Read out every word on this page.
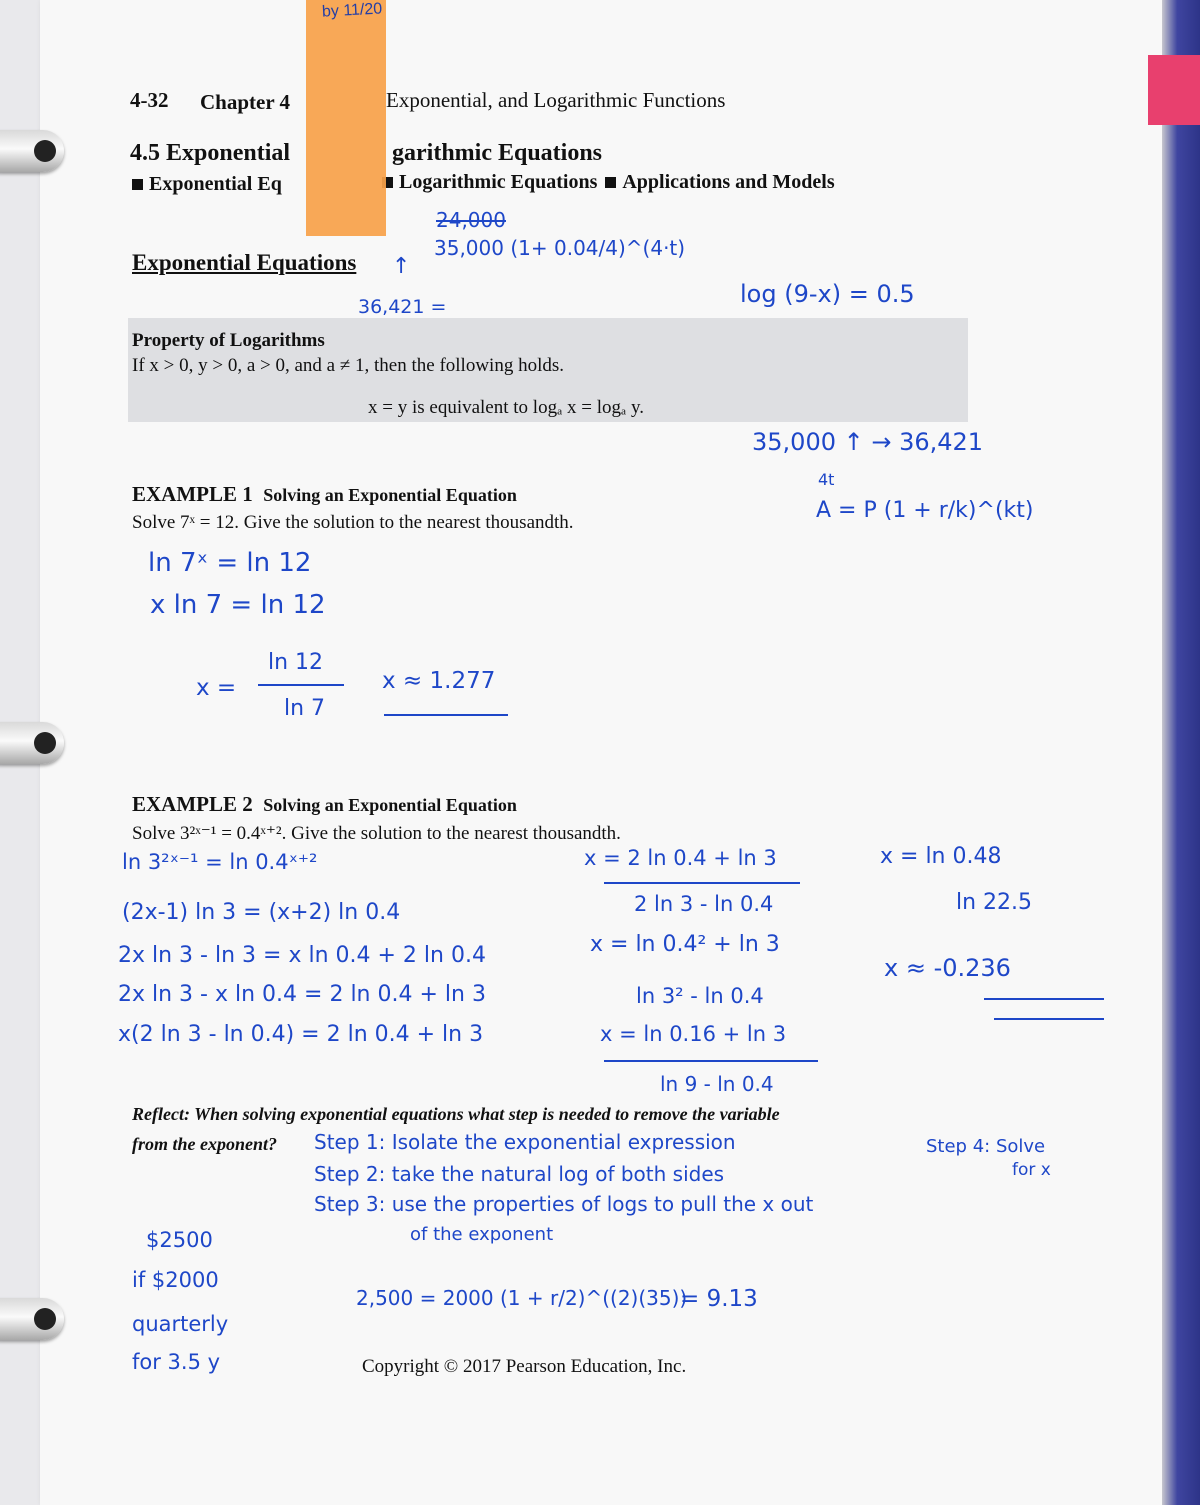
4-32 Chapter 4	Exponential, and Logarithmic Functions
4.5 Exponential	garithmic Equations
Exponential Eq	Logarithmic Equations Applications and Models
by 11/20
Exponential Equations ↑
24,000
35,000 (1+ 0.04/4)^(4·t)
36,421 =	log (9-x) = 0.5
Property of Logarithms
If x > 0, y > 0, a > 0, and a ≠ 1, then the following holds.
x = y is equivalent to logₐ x = logₐ y.
35,000 ↑ → 36,421
4t
A = P (1 + r/k)^(kt)
EXAMPLE 1 Solving an Exponential Equation
Solve 7ˣ = 12. Give the solution to the nearest thousandth.
ln 7ˣ = ln 12
x ln 7 = ln 12
x =
ln 12
ln 7
x ≈ 1.277
EXAMPLE 2 Solving an Exponential Equation
Solve 3²ˣ⁻¹ = 0.4ˣ⁺². Give the solution to the nearest thousandth.
ln 3²ˣ⁻¹ = ln 0.4ˣ⁺²
(2x-1) ln 3 = (x+2) ln 0.4
2x ln 3 - ln 3 = x ln 0.4 + 2 ln 0.4
2x ln 3 - x ln 0.4 = 2 ln 0.4 + ln 3
x(2 ln 3 - ln 0.4) = 2 ln 0.4 + ln 3
x = 2 ln 0.4 + ln 3
2 ln 3 - ln 0.4
x = ln 0.4² + ln 3
ln 3² - ln 0.4
x = ln 0.16 + ln 3
ln 9 - ln 0.4
x = ln 0.48
ln 22.5
x ≈ -0.236
Reflect: When solving exponential equations what step is needed to remove the variable
from the exponent? Step 1: Isolate the exponential expression
Step 2: take the natural log of both sides
Step 3: use the properties of logs to pull the x out
of the exponent
Step 4: Solve
for x
$2500
if $2000
quarterly
for 3.5 y
2,500 = 2000 (1 + r/2)^((2)(35))
= 9.13
Copyright © 2017 Pearson Education, Inc.
